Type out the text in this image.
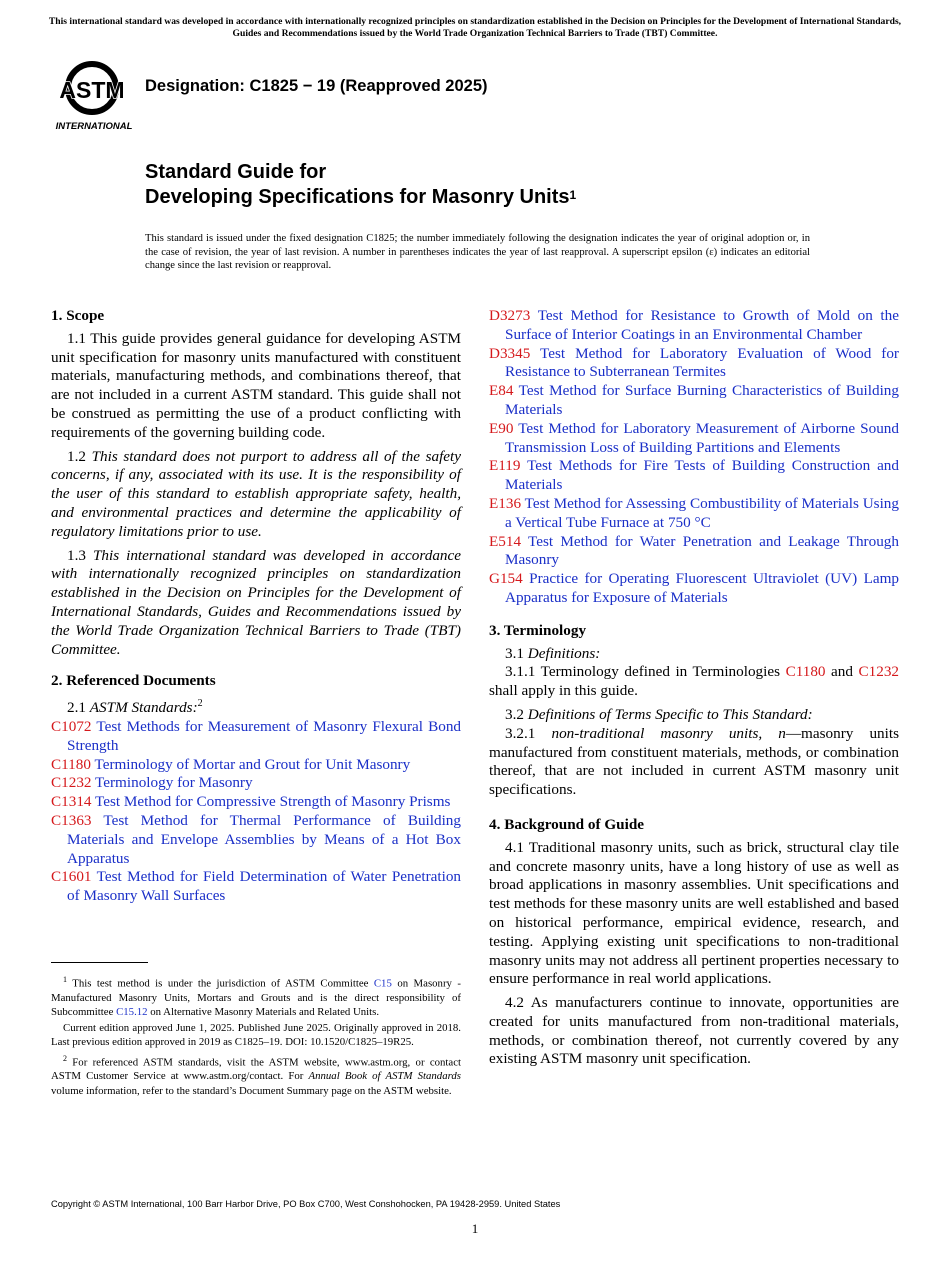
This international standard was developed in accordance with internationally recognized principles on standardization established in the Decision on Principles for the Development of International Standards, Guides and Recommendations issued by the World Trade Organization Technical Barriers to Trade (TBT) Committee.
ASTM
INTERNATIONAL
Designation: C1825 − 19 (Reapproved 2025)
Standard Guide for
Developing Specifications for Masonry Units$^1$
This standard is issued under the fixed designation C1825; the number immediately following the designation indicates the year of original adoption or, in the case of revision, the year of last revision. A number in parentheses indicates the year of last reapproval. A superscript epsilon (ε) indicates an editorial change since the last revision or reapproval.

1. Scope

1.1 This guide provides general guidance for developing ASTM unit specification for masonry units manufactured with constituent materials, manufacturing methods, and combinations thereof, that are not included in a current ASTM standard. This guide shall not be construed as permitting the use of a product conflicting with requirements of the governing building code.

1.2 This standard does not purport to address all of the safety concerns, if any, associated with its use. It is the responsibility of the user of this standard to establish appropriate safety, health, and environmental practices and determine the applicability of regulatory limitations prior to use.

1.3 This international standard was developed in accordance with internationally recognized principles on standardization established in the Decision on Principles for the Development of International Standards, Guides and Recommendations issued by the World Trade Organization Technical Barriers to Trade (TBT) Committee.

2. Referenced Documents

2.1 ASTM Standards:$^2$

C1072 Test Methods for Measurement of Masonry Flexural Bond Strength

C1180 Terminology of Mortar and Grout for Unit Masonry

C1232 Terminology for Masonry

C1314 Test Method for Compressive Strength of Masonry Prisms

C1363 Test Method for Thermal Performance of Building Materials and Envelope Assemblies by Means of a Hot Box Apparatus

C1601 Test Method for Field Determination of Water Penetration of Masonry Wall Surfaces

$^1$ This test method is under the jurisdiction of ASTM Committee C15 on Masonry - Manufactured Masonry Units, Mortars and Grouts and is the direct responsibility of Subcommittee C15.12 on Alternative Masonry Materials and Related Units.

Current edition approved June 1, 2025. Published June 2025. Originally approved in 2018. Last previous edition approved in 2019 as C1825–19. DOI: 10.1520/C1825–19R25.

$^2$ For referenced ASTM standards, visit the ASTM website, www.astm.org, or contact ASTM Customer Service at www.astm.org/contact. For Annual Book of ASTM Standards volume information, refer to the standard’s Document Summary page on the ASTM website.

D3273 Test Method for Resistance to Growth of Mold on the Surface of Interior Coatings in an Environmental Chamber

D3345 Test Method for Laboratory Evaluation of Wood for Resistance to Subterranean Termites

E84 Test Method for Surface Burning Characteristics of Building Materials

E90 Test Method for Laboratory Measurement of Airborne Sound Transmission Loss of Building Partitions and Elements

E119 Test Methods for Fire Tests of Building Construction and Materials

E136 Test Method for Assessing Combustibility of Materials Using a Vertical Tube Furnace at 750 °C

E514 Test Method for Water Penetration and Leakage Through Masonry

G154 Practice for Operating Fluorescent Ultraviolet (UV) Lamp Apparatus for Exposure of Materials

3. Terminology

3.1 Definitions:

3.1.1 Terminology defined in Terminologies C1180 and C1232 shall apply in this guide.

3.2 Definitions of Terms Specific to This Standard:

3.2.1 non-traditional masonry units, n—masonry units manufactured from constituent materials, methods, or combination thereof, that are not included in current ASTM masonry unit specifications.

4. Background of Guide

4.1 Traditional masonry units, such as brick, structural clay tile and concrete masonry units, have a long history of use as well as broad applications in masonry assemblies. Unit specifications and test methods for these masonry units are well established and based on historical performance, empirical evidence, research, and testing. Applying existing unit specifications to non-traditional masonry units may not address all pertinent properties necessary to ensure performance in real world applications.

4.2 As manufacturers continue to innovate, opportunities are created for units manufactured from non-traditional materials, methods, or combination thereof, not currently covered by any existing ASTM masonry unit specification.

Copyright © ASTM International, 100 Barr Harbor Drive, PO Box C700, West Conshohocken, PA 19428-2959. United States
1
